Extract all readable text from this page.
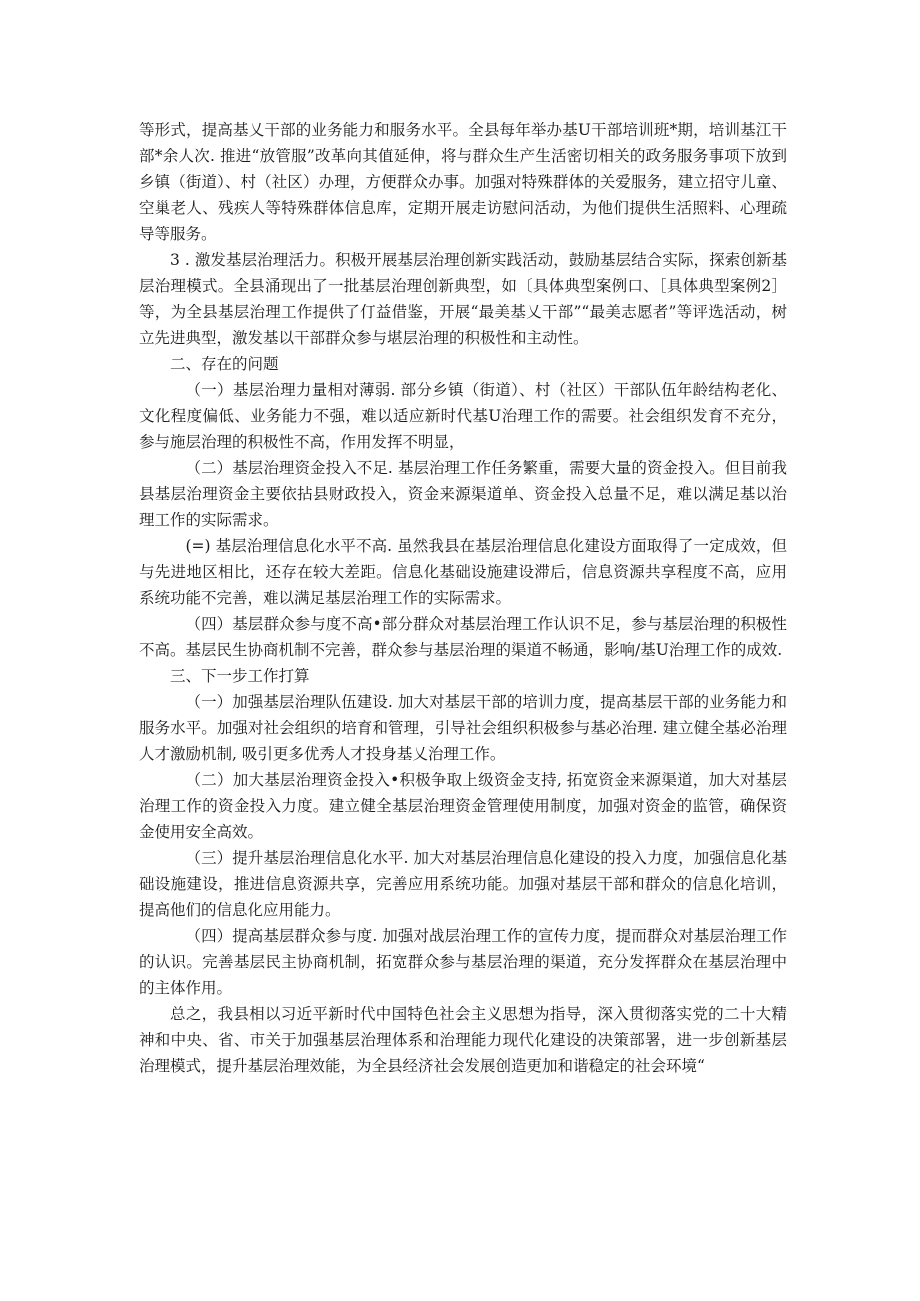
等形式，提高基乂干部的业务能力和服务水平。全县每年举办基U干部培训班*期，培训基江干部*余人次. 推进“放管服”改革向其值延伸，将与群众生产生活密切相关的政务服务事项下放到乡镇（街道）、村（社区）办理，方便群众办事。加强对特殊群体的关爱服务，建立招守儿童、空巢老人、残疾人等特殊群体信息库，定期开展走访慰问活动，为他们提供生活照料、心理疏导等服务。

3 . 激发基层治理活力。积极开展基层治理创新实践活动，鼓励基层结合实际，探索创新基层治理模式。全县涌现出了一批基层治理创新典型，如〔具体典型案例口、［具体典型案例2］等，为全县基层治理工作提供了仃益借鉴，开展“最美基乂干部”“最美志愿者”等评选活动，树立先进典型，激发基以干部群众参与堪层治理的积极性和主动性。

二、存在的问题

（一）基层治理力量相对薄弱. 部分乡镇（街道）、村（社区）干部队伍年龄结构老化、文化程度偏低、业务能力不强，难以适应新时代基U治理工作的需要。社会组织发育不充分，参与施层治理的积极性不高，作用发挥不明显，

（二）基层治理资金投入不足. 基层治理工作任务繁重，需要大量的资金投入。但目前我县基层治理资金主要依拈县财政投入，资金来源渠道单、资金投入总量不足，难以满足基以治理工作的实际需求。

(=) 基层治理信息化水平不高. 虽然我县在基层治理信息化建设方面取得了一定成效，但与先进地区相比，还存在较大差距。信息化基础设施建设滞后，信息资源共享程度不高，应用系统功能不完善，难以满足基层治理工作的实际需求。

（四）基层群众参与度不高•部分群众对基层治理工作认识不足，参与基层治理的积极性不高。基层民生协商机制不完善，群众参与基层治理的渠道不畅通，影响/基U治理工作的成效.

三、下一步工作打算

（一）加强基层治理队伍建设. 加大对基层干部的培训力度，提高基层干部的业务能力和服务水平。加强对社会组织的培育和管理，引导社会组织积极参与基必治理. 建立健全基必治理人才激励机制, 吸引更多优秀人才投身基乂治理工作。

（二）加大基层治理资金投入•积极争取上级资金支持, 拓宽资金来源渠道，加大对基层治理工作的资金投入力度。建立健全基层治理资金管理使用制度，加强对资金的监管，确保资金使用安全高效。

（三）提升基层治理信息化水平. 加大对基层治理信息化建设的投入力度，加强信息化基础设施建设，推进信息资源共享，完善应用系统功能。加强对基层干部和群众的信息化培训，提高他们的信息化应用能力。

（四）提高基层群众参与度. 加强对战层治理工作的宣传力度，提而群众对基层治理工作的认识。完善基层民主协商机制，拓宽群众参与基层治理的渠道，充分发挥群众在基层治理中的主体作用。

总之，我县相以习近平新时代中国特色社会主义思想为指导，深入贯彻落实党的二十大精神和中央、省、市关于加强基层治理体系和治理能力现代化建设的决策部署，进一步创新基层治理模式，提升基层治理效能，为全县经济社会发展创造更加和谐稳定的社会环境“
